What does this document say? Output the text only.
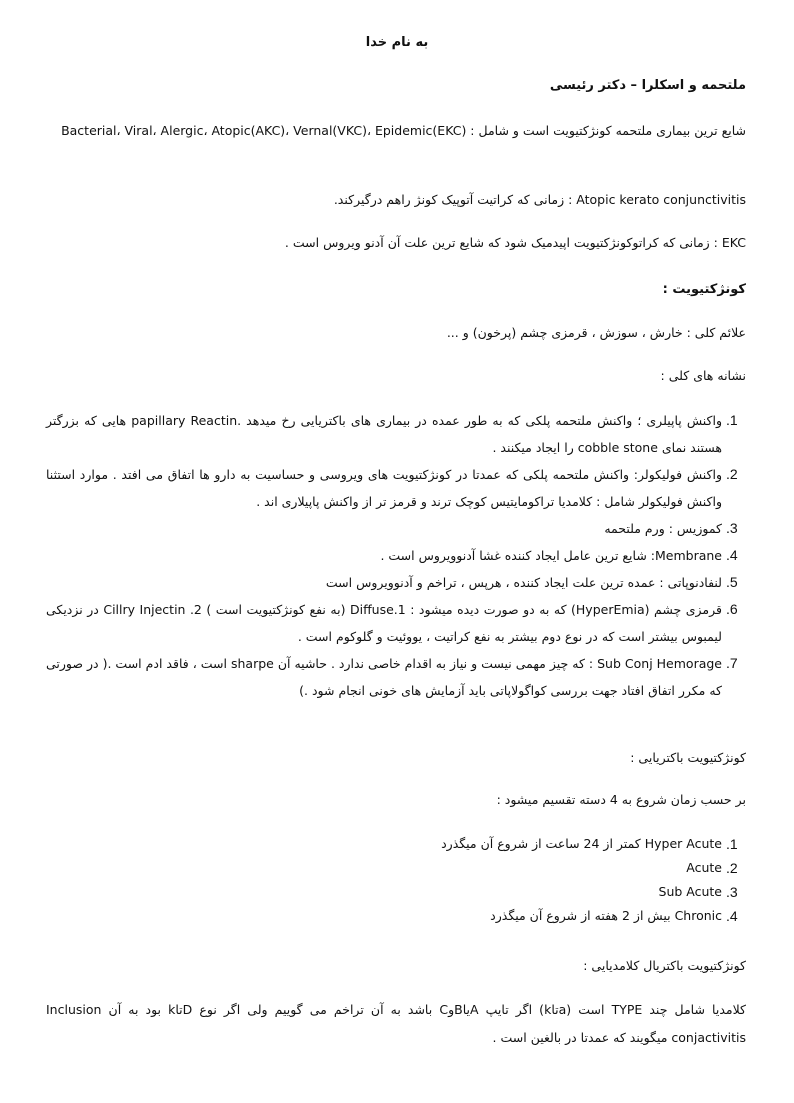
به نام خدا
ملتحمه و اسکلرا – دکتر رئیسی
شایع ترین بیماری ملتحمه کونژکتیویت است و شامل : Bacterial، Viral، Alergic، Atopic(AKC)، Vernal(VKC)، Epidemic(EKC)
Atopic kerato conjunctivitis : زمانی که کراتیت آتوپیک کونژ راهم درگیرکند.
EKC : زمانی که کراتوکونژکتیویت اپیدمیک شود که شایع ترین علت آن آدنو ویروس است .
کونژکتیویت :
علائم کلی : خارش ، سوزش ، قرمزی چشم (پرخون) و ...
نشانه های کلی :
1.
واکنش پاپیلری ؛ واکنش ملتحمه پلکی که به طور عمده در بیماری های باکتریایی رخ میدهد .papillary Reactin هایی که بزرگتر هستند نمای cobble stone را ایجاد میکنند .
2.
واکنش فولیکولر: واکنش ملتحمه پلکی که عمدتا در کونژکتیویت های ویروسی و حساسیت به دارو ها اتفاق می افتد . موارد استثنا واکنش فولیکولر شامل : کلامدیا تراکومایتیس کوچک ترند و قرمز تر از واکنش پاپیلاری اند .
3.
کموزیس : ورم ملتحمه
4.
Membrane: شایع ترین عامل ایجاد کننده غشا آدنوویروس است .
5.
لنفادنوپاتی : عمده ترین علت ایجاد کننده ، هرپس ، تراخم و آدنوویروس است
6.
قرمزی چشم (HyperEmia) که به دو صورت دیده میشود : Diffuse.1 (به نفع کونژکتیویت است ) Cillry Injectin .2 در نزدیکی لیمبوس بیشتر است که در نوع دوم بیشتر به نفع کراتیت ، یووئیت و گلوکوم است .
7.
Sub Conj Hemorage : که چیز مهمی نیست و نیاز به اقدام خاصی ندارد . حاشیه آن sharpe است ، فاقد ادم است .( در صورتی که مکرر اتفاق افتاد جهت بررسی کواگولاپاتی باید آزمایش های خونی انجام شود .)
کونژکتیویت باکتریایی :
بر حسب زمان شروع به 4 دسته تقسیم میشود :
1.
Hyper Acute کمتر از 24 ساعت از شروع آن میگذرد
2.
Acute
3.
Sub Acute
4.
Chronic بیش از 2 هفته از شروع آن میگذرد
کونژکتیویت باکتریال کلامدیایی :
کلامدیا شامل چند TYPE است (aتاk) اگر تایپ AیاBوC باشد به آن تراخم می گوییم ولی اگر نوع Dتاk بود به آن Inclusion conjactivitis میگویند که عمدتا در بالغین است .
